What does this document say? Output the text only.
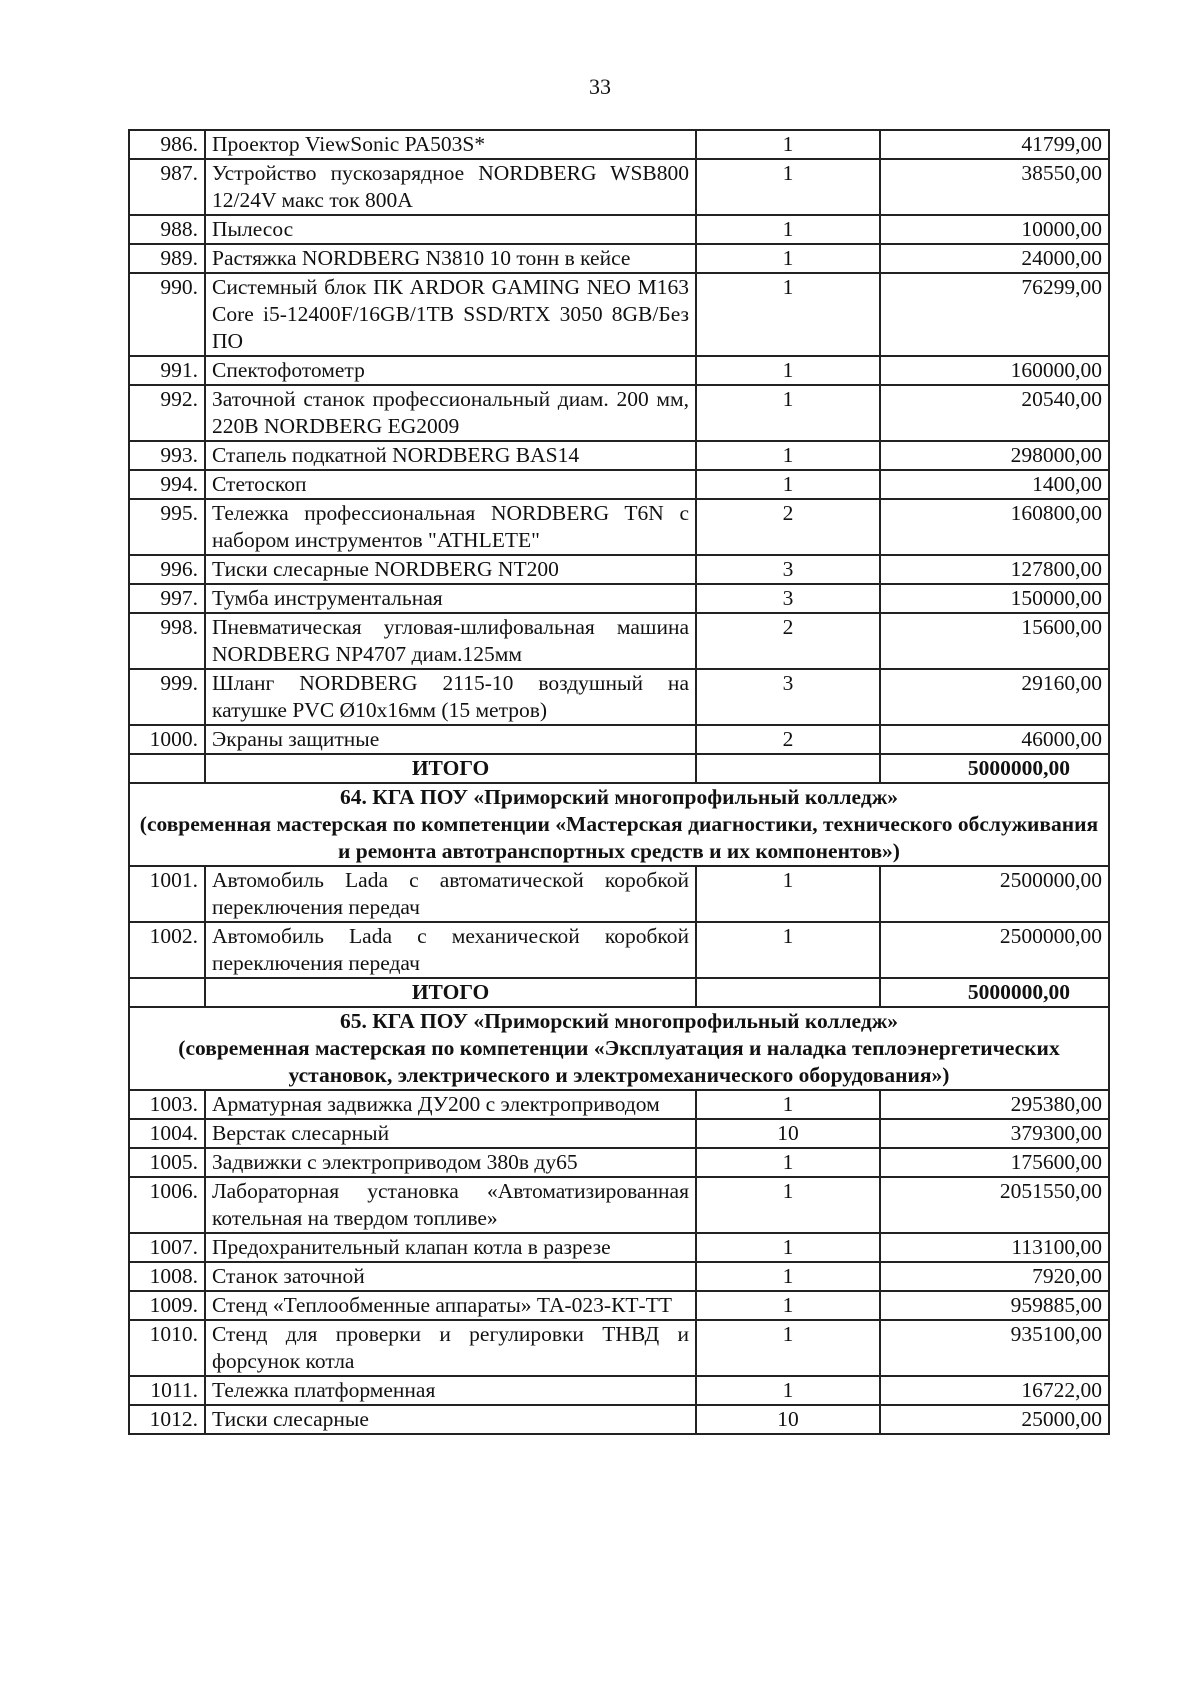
33
986.	Проектор ViewSonic PA503S*	1	41799,00
987.	Устройство пускозарядное NORDBERG WSB800 12/24V макс ток 800А	1	38550,00
988.	Пылесос	1	10000,00
989.	Растяжка NORDBERG N3810 10 тонн в кейсе	1	24000,00
990.	Системный блок ПК ARDOR GAMING NEO M163 Core i5-12400F/16GB/1TB SSD/RTX 3050 8GB/Без ПО	1	76299,00
991.	Спектофотометр	1	160000,00
992.	Заточной станок профессиональный диам. 200 мм, 220В NORDBERG EG2009	1	20540,00
993.	Стапель подкатной NORDBERG BAS14	1	298000,00
994.	Стетоскоп	1	1400,00
995.	Тележка профессиональная NORDBERG T6N с набором инструментов "ATHLETE"	2	160800,00
996.	Тиски слесарные NORDBERG NT200	3	127800,00
997.	Тумба инструментальная	3	150000,00
998.	Пневматическая угловая-шлифовальная машина NORDBERG NP4707 диам.125мм	2	15600,00
999.	Шланг NORDBERG 2115-10 воздушный на катушке PVC Ø10х16мм (15 метров)	3	29160,00
1000.	Экраны защитные	2	46000,00
	ИТОГО		5000000,00

64. КГА ПОУ «Приморский многопрофильный колледж»
(современная мастерская по компетенции «Мастерская диагностики, технического обслуживания и ремонта автотранспортных средств и их компонентов»)			

1001.	Автомобиль Lada с автоматической коробкой переключения передач	1	2500000,00
1002.	Автомобиль Lada с механической коробкой переключения передач	1	2500000,00
	ИТОГО		5000000,00

65. КГА ПОУ «Приморский многопрофильный колледж»
(современная мастерская по компетенции «Эксплуатация и наладка теплоэнергетических установок, электрического и электромеханического оборудования»)			

1003.	Арматурная задвижка ДУ200 с электроприводом	1	295380,00
1004.	Верстак слесарный	10	379300,00
1005.	Задвижки с электроприводом 380в ду65	1	175600,00
1006.	Лабораторная установка «Автоматизированная котельная на твердом топливе»	1	2051550,00
1007.	Предохранительный клапан котла в разрезе	1	113100,00
1008.	Станок заточной	1	7920,00
1009.	Стенд «Теплообменные аппараты» ТА-023-КТ-ТТ	1	959885,00
1010.	Стенд для проверки и регулировки ТНВД и форсунок котла	1	935100,00
1011.	Тележка платформенная	1	16722,00
1012.	Тиски слесарные	10	25000,00
